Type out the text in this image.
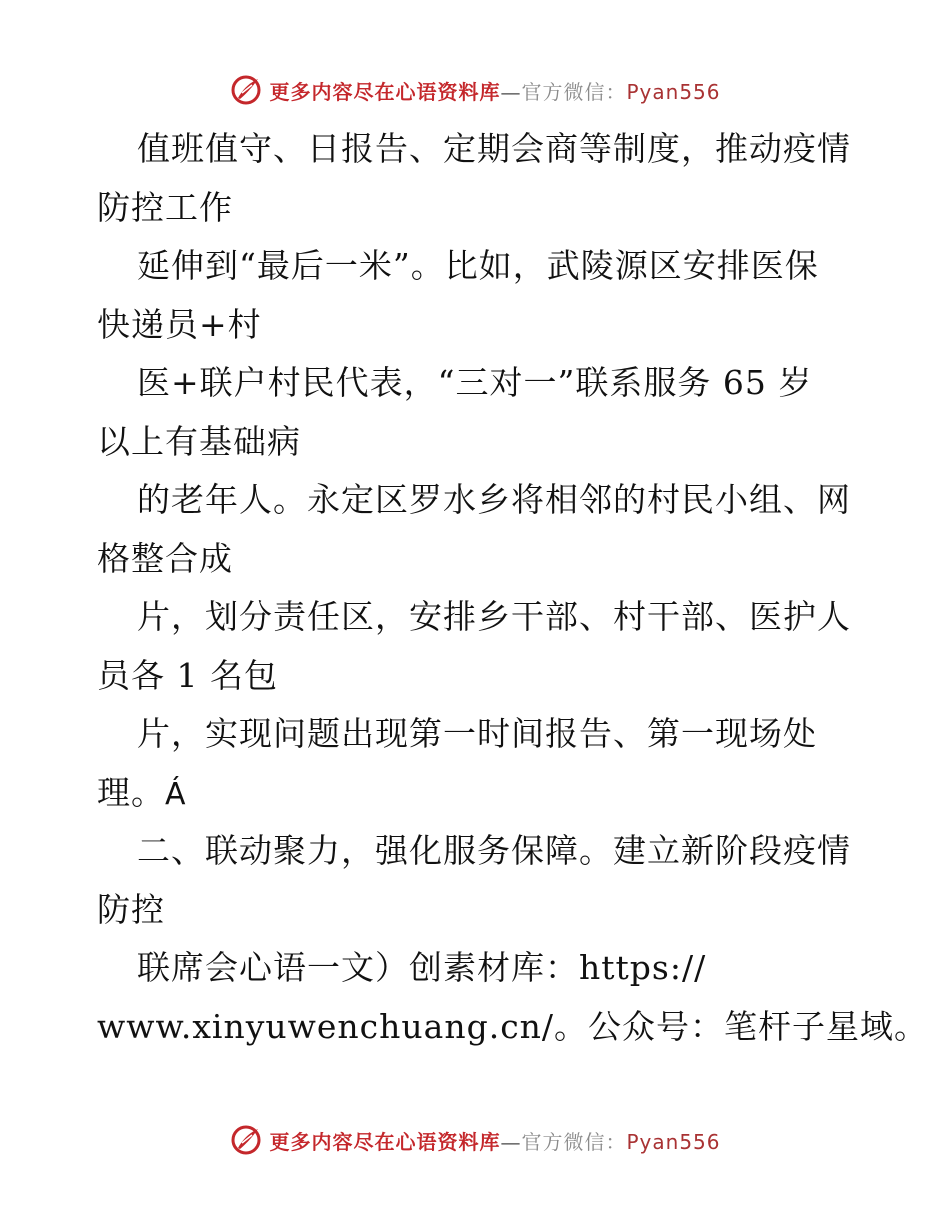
更多内容尽在心语资料库—官方微信：Pyan556
值班值守、日报告、定期会商等制度，推动疫情
防控工作
延伸到“最后一米”。比如，武陵源区安排医保
快递员+村
医+联户村民代表，“三对一”联系服务 65 岁
以上有基础病
的老年人。永定区罗水乡将相邻的村民小组、网
格整合成
片，划分责任区，安排乡干部、村干部、医护人
员各 1 名包
片，实现问题出现第一时间报告、第一现场处
理。Á
二、联动聚力，强化服务保障。建立新阶段疫情
防控
联席会心语一文）创素材库：https://
www.xinyuwenchuang.cn/。公众号：笔杆子星域。
更多内容尽在心语资料库—官方微信：Pyan556
